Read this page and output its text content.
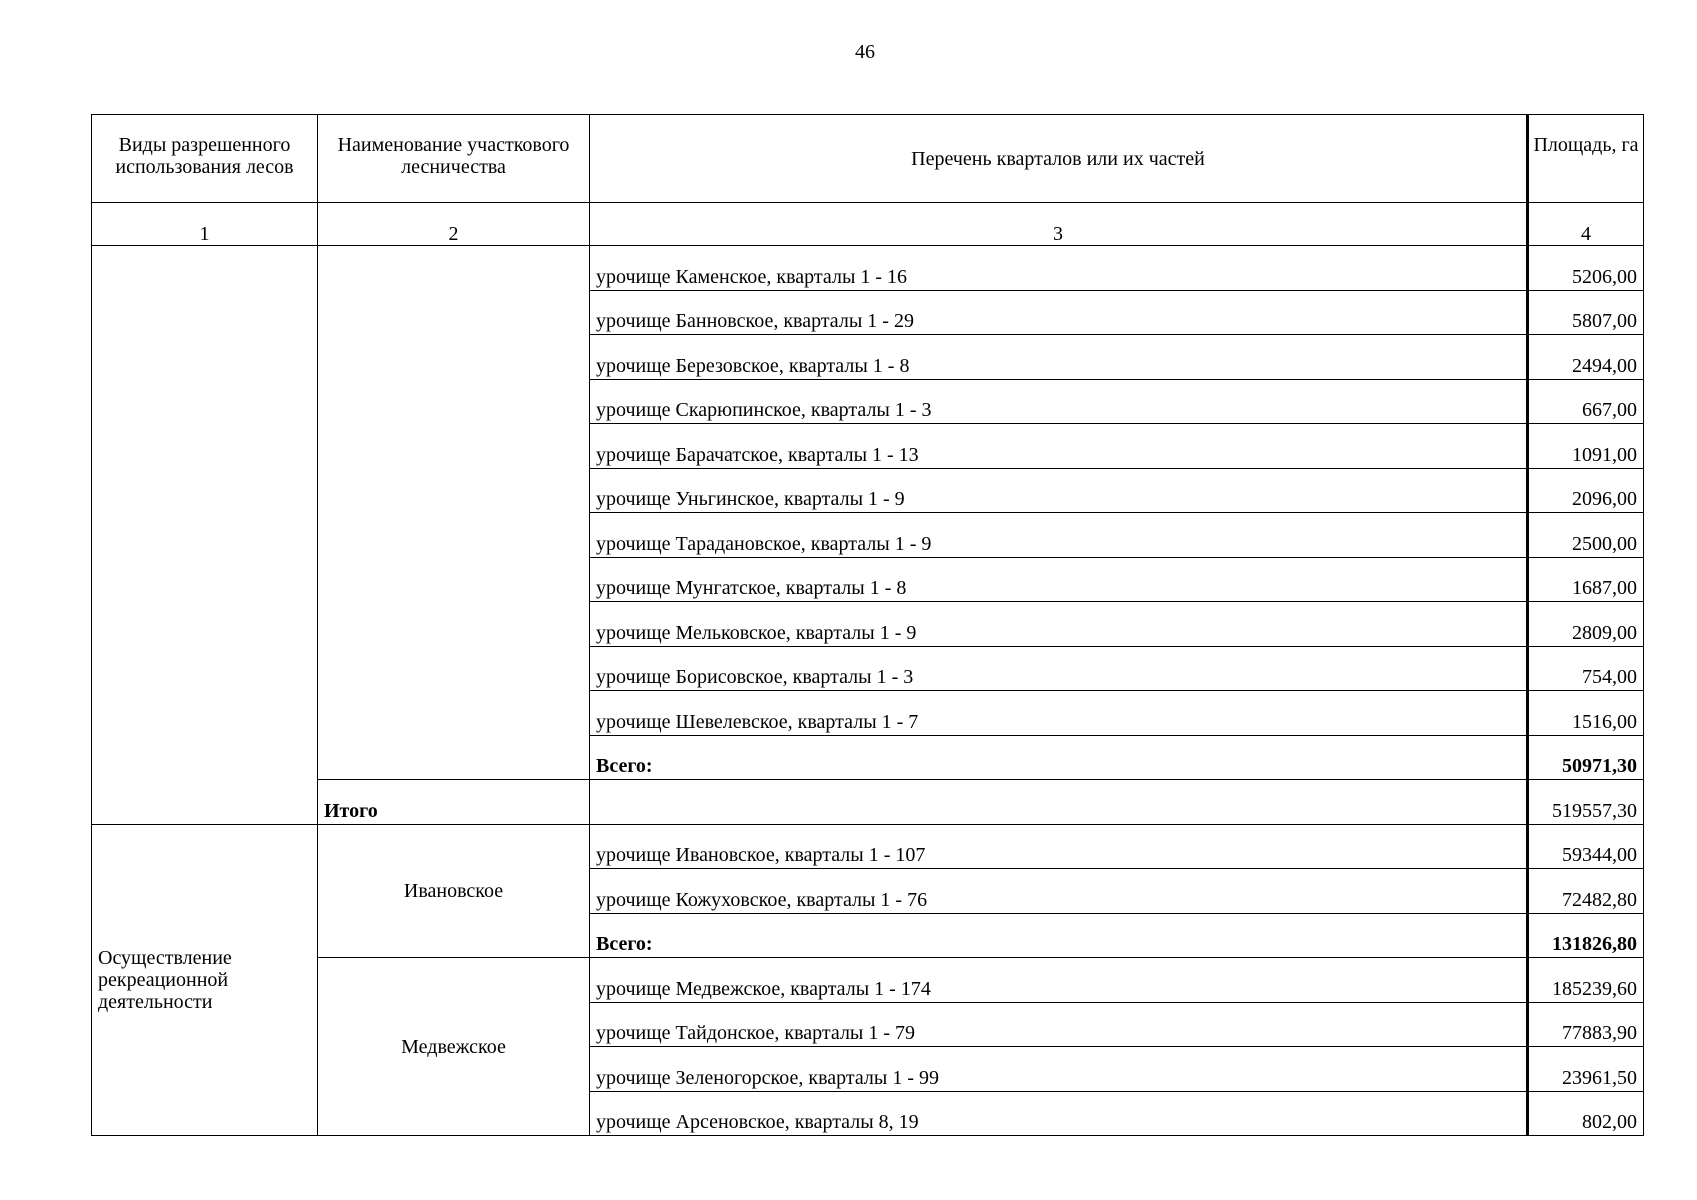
46
Виды разрешенного использования лесов	Наименование участкового лесничества	Перечень кварталов или их частей	Площадь, га
1	2	3	4
		урочище Каменское, кварталы 1 - 16	5206,00
		урочище Банновское, кварталы 1 - 29	5807,00
		урочище Березовское, кварталы 1 - 8	2494,00
		урочище Скарюпинское, кварталы 1 - 3	667,00
		урочище Барачатское, кварталы 1 - 13	1091,00
		урочище Уньгинское, кварталы 1 - 9	2096,00
		урочище Тараданoвское, кварталы 1 - 9	2500,00
		урочище Мунгатское, кварталы 1 - 8	1687,00
		урочище Мельковское, кварталы 1 - 9	2809,00
		урочище Борисовское, кварталы 1 - 3	754,00
		урочище Шевелевское, кварталы 1 - 7	1516,00
		Всего:	50971,30
	Итого		519557,30
Осуществление рекреационной деятельности	Ивановское	урочище Ивановское, кварталы 1 - 107	59344,00
		урочище Кожуховское, кварталы 1 - 76	72482,80
		Всего:	131826,80
	Медвежское	урочище Медвежское, кварталы 1 - 174	185239,60
		урочище Тайдонское, кварталы 1 - 79	77883,90
		урочище Зеленогорское, кварталы 1 - 99	23961,50
		урочище Арсеновское, кварталы 8, 19	802,00
